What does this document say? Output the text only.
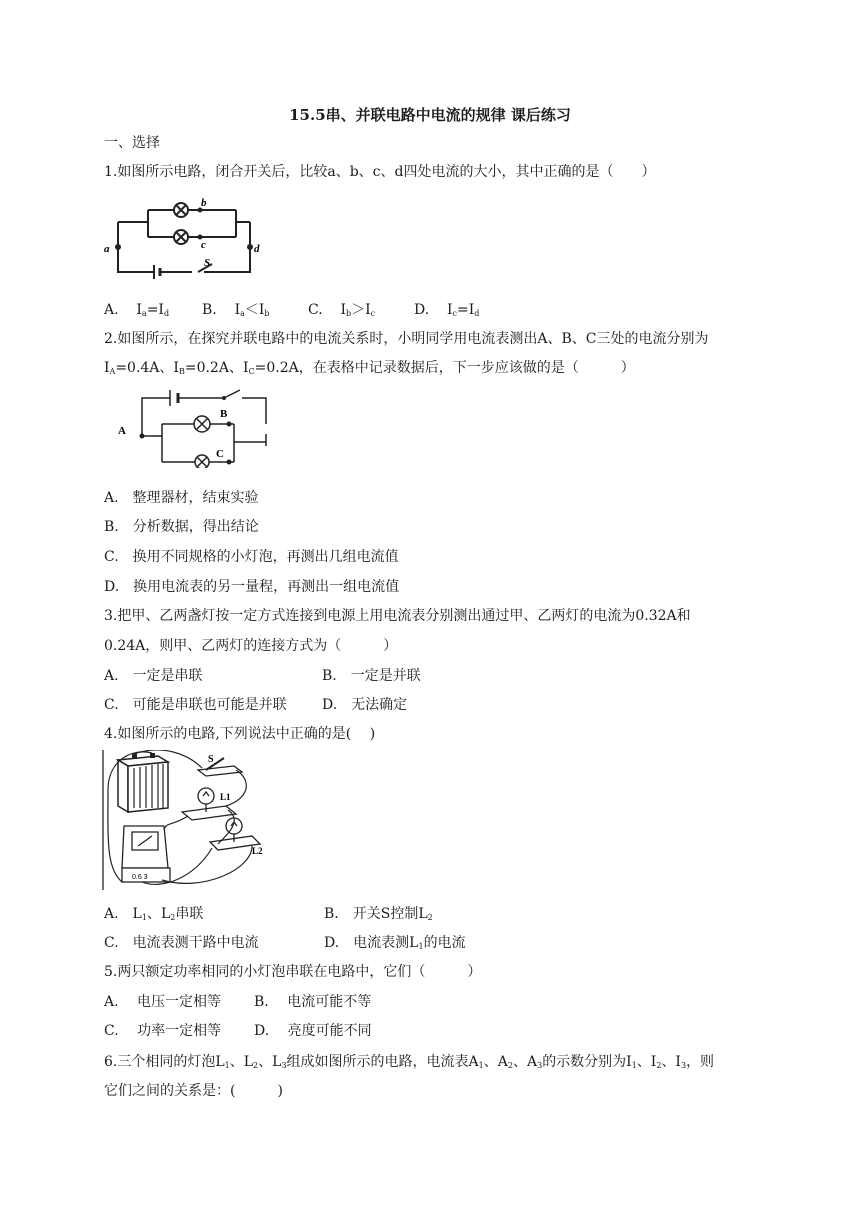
15.5串、并联电路中电流的规律 课后练习
一、选择
1.如图所示电路，闭合开关后，比较a、b、c、d四处电流的大小，其中正确的是（　　）
a
b
c	d
S
A. $I_a=I_d$ B. $I_a<I_b$	C. $I_b>I_c$	D. $I_c=I_d$
2.如图所示，在探究并联电路中的电流关系时，小明同学用电流表测出A、B、C三处的电流分别为
$I_A=0.4A$、$I_B=0.2A$、$I_C=0.2A$，在表格中记录数据后，下一步应该做的是（　　　）
A
B
C
A.　整理器材，结束实验
B.　分析数据，得出结论
C.　换用不同规格的小灯泡，再测出几组电流值
D.　换用电流表的另一量程，再测出一组电流值
3.把甲、乙两盏灯按一定方式连接到电源上用电流表分别测出通过甲、乙两灯的电流为0.32A和
0.24A，则甲、乙两灯的连接方式为（　　　）
A.　一定是串联	B.　一定是并联
C.　可能是串联也可能是并联	D.　无法确定
4.如图所示的电路,下列说法中正确的是(　 )
S
L1
L2
0.6 3
A.　$L_1$、$L_2$串联	B.　开关S控制$L_2$
C.　电流表测干路中电流	D.　电流表测$L_1$的电流
5.两只额定功率相同的小灯泡串联在电路中，它们（　　　）
A.　 电压一定相等 B.　 电流可能不等
C.　 功率一定相等 D.　 亮度可能不同
6.三个相同的灯泡$L_1$、$L_2$、$L_3$组成如图所示的电路，电流表$A_1$、$A_2$、$A_3$的示数分别为$I_1$、$I_2$、$I_3$，则
它们之间的关系是：(　　　)
